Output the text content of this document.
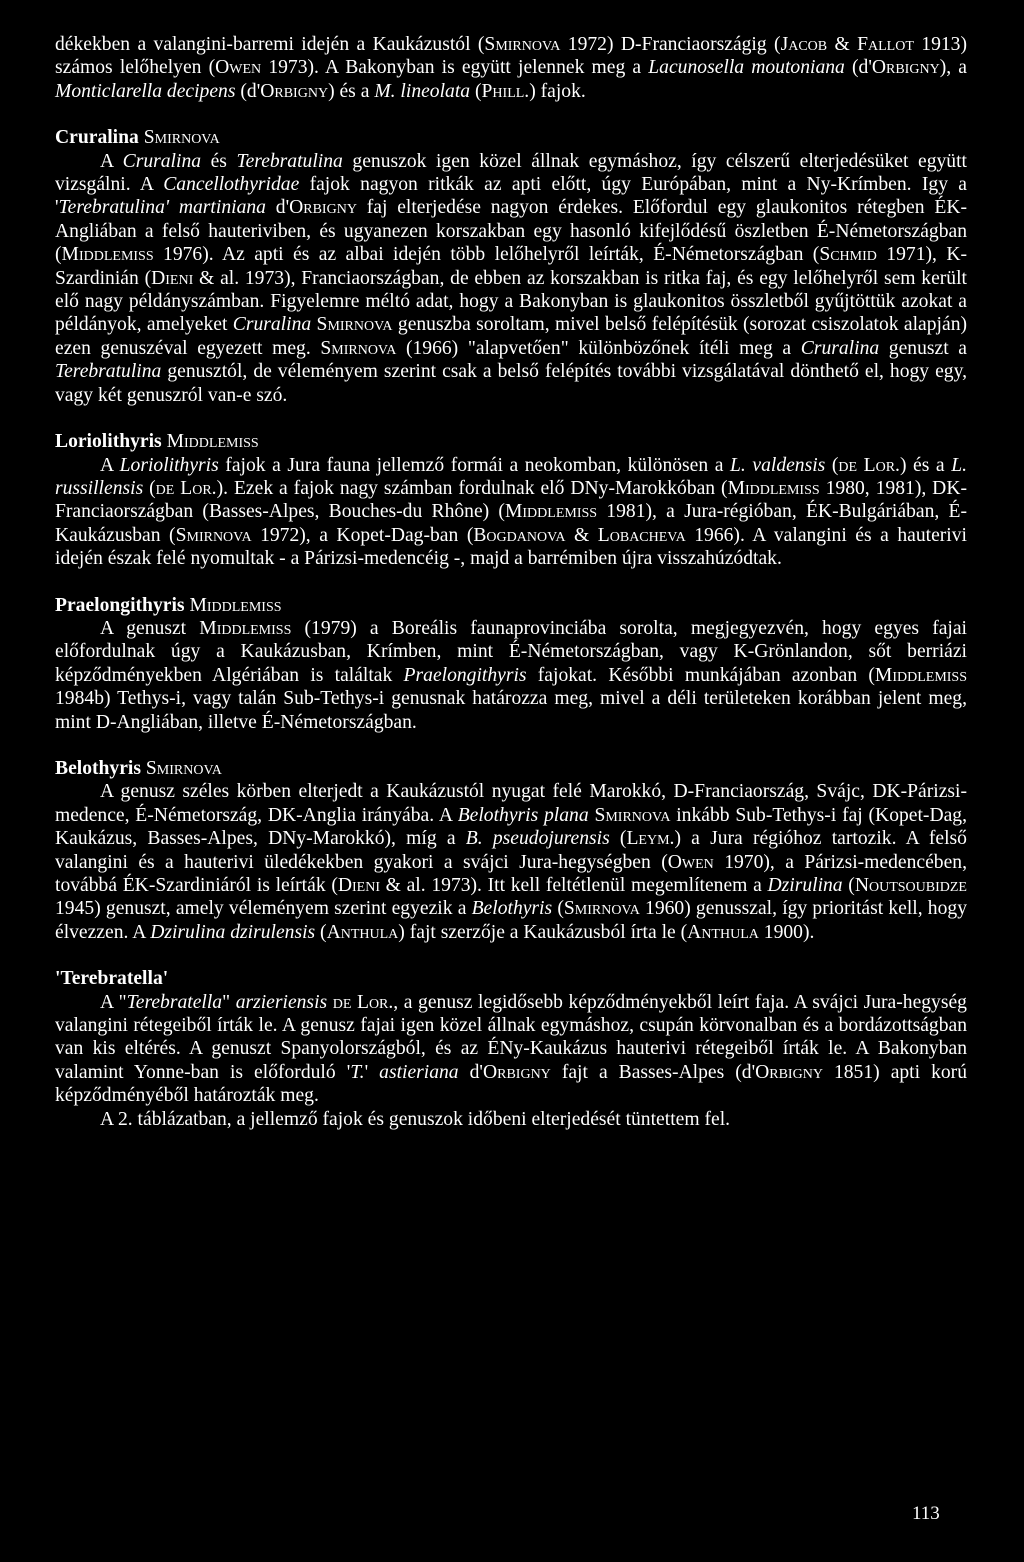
dékekben a valangini-barremi idején a Kaukázustól (Smirnova 1972) D-Franciaországig (Jacob & Fallot 1913) számos lelőhelyen (Owen 1973). A Bakonyban is együtt jelennek meg a Lacunosella moutoniana (d'Orbigny), a Monticlarella decipens (d'Orbigny) és a M. lineolata (Phill.) fajok.

Cruralina Smirnova

A Cruralina és Terebratulina genuszok igen közel állnak egymáshoz, így célszerű elterjedésüket együtt vizsgálni. A Cancellothyridae fajok nagyon ritkák az apti előtt, úgy Európában, mint a Ny-Krímben. Igy a 'Terebratulina' martiniana d'Orbigny faj elterjedése nagyon érdekes. Előfordul egy glaukonitos rétegben ÉK-Angliában a felső hauteriviben, és ugyanezen korszakban egy hasonló kifejlődésű öszletben É-Németországban (Middlemiss 1976). Az apti és az albai idején több lelőhelyről leírták, É-Németországban (Schmid 1971), K-Szardinián (Dieni & al. 1973), Franciaországban, de ebben az korszakban is ritka faj, és egy lelőhelyről sem került elő nagy példányszámban. Figyelemre méltó adat, hogy a Bakonyban is glaukonitos összletből gyűjtöttük azokat a példányok, amelyeket Cruralina Smirnova genuszba soroltam, mivel belső felépítésük (sorozat csiszolatok alapján) ezen genuszéval egyezett meg. Smirnova (1966) "alapvetően" különbözőnek ítéli meg a Cruralina genuszt a Terebratulina genusztól, de véleményem szerint csak a belső felépítés további vizsgálatával dönthető el, hogy egy, vagy két genuszról van-e szó.

Loriolithyris Middlemiss

A Loriolithyris fajok a Jura fauna jellemző formái a neokomban, különösen a L. valdensis (de Lor.) és a L. russillensis (de Lor.). Ezek a fajok nagy számban fordulnak elő DNy-Marokkóban (Middlemiss 1980, 1981), DK-Franciaországban (Basses-Alpes, Bouches-du Rhône) (Middlemiss 1981), a Jura-régióban, ÉK-Bulgáriában, É-Kaukázusban (Smirnova 1972), a Kopet-Dag-ban (Bogdanova & Lobacheva 1966). A valangini és a hauterivi idején észak felé nyomultak - a Párizsi-medencéig -, majd a barrémiben újra visszahúzódtak.

Praelongithyris Middlemiss

A genuszt Middlemiss (1979) a Boreális faunaprovinciába sorolta, megjegyezvén, hogy egyes fajai előfordulnak úgy a Kaukázusban, Krímben, mint É-Németországban, vagy K-Grönlandon, sőt berriázi képződményekben Algériában is találtak Praelongithyris fajokat. Későbbi munkájában azonban (Middlemiss 1984b) Tethys-i, vagy talán Sub-Tethys-i genusnak határozza meg, mivel a déli területeken korábban jelent meg, mint D-Angliában, illetve É-Németországban.

Belothyris Smirnova

A genusz széles körben elterjedt a Kaukázustól nyugat felé Marokkó, D-Franciaország, Svájc, DK-Párizsi-medence, É-Németország, DK-Anglia irányába. A Belothyris plana Smirnova inkább Sub-Tethys-i faj (Kopet-Dag, Kaukázus, Basses-Alpes, DNy-Marokkó), míg a B. pseudojurensis (Leym.) a Jura régióhoz tartozik. A felső valangini és a hauterivi üledékekben gyakori a svájci Jura-hegységben (Owen 1970), a Párizsi-medencében, továbbá ÉK-Szardiniáról is leírták (Dieni & al. 1973). Itt kell feltétlenül megemlítenem a Dzirulina (Noutsoubidze 1945) genuszt, amely véleményem szerint egyezik a Belothyris (Smirnova 1960) genusszal, így prioritást kell, hogy élvezzen. A Dzirulina dzirulensis (Anthula) fajt szerzője a Kaukázusból írta le (Anthula 1900).

'Terebratella'

A "Terebratella" arzieriensis de Lor., a genusz legidősebb képződményekből leírt faja. A svájci Jura-hegység valangini rétegeiből írták le. A genusz fajai igen közel állnak egymáshoz, csupán körvonalban és a bordázottságban van kis eltérés. A genuszt Spanyolországból, és az ÉNy-Kaukázus hauterivi rétegeiből írták le. A Bakonyban valamint Yonne-ban is előforduló 'T.' astieriana d'Orbigny fajt a Basses-Alpes (d'Orbigny 1851) apti korú képződményéből határozták meg.

A 2. táblázatban, a jellemző fajok és genuszok időbeni elterjedését tüntettem fel.

113
